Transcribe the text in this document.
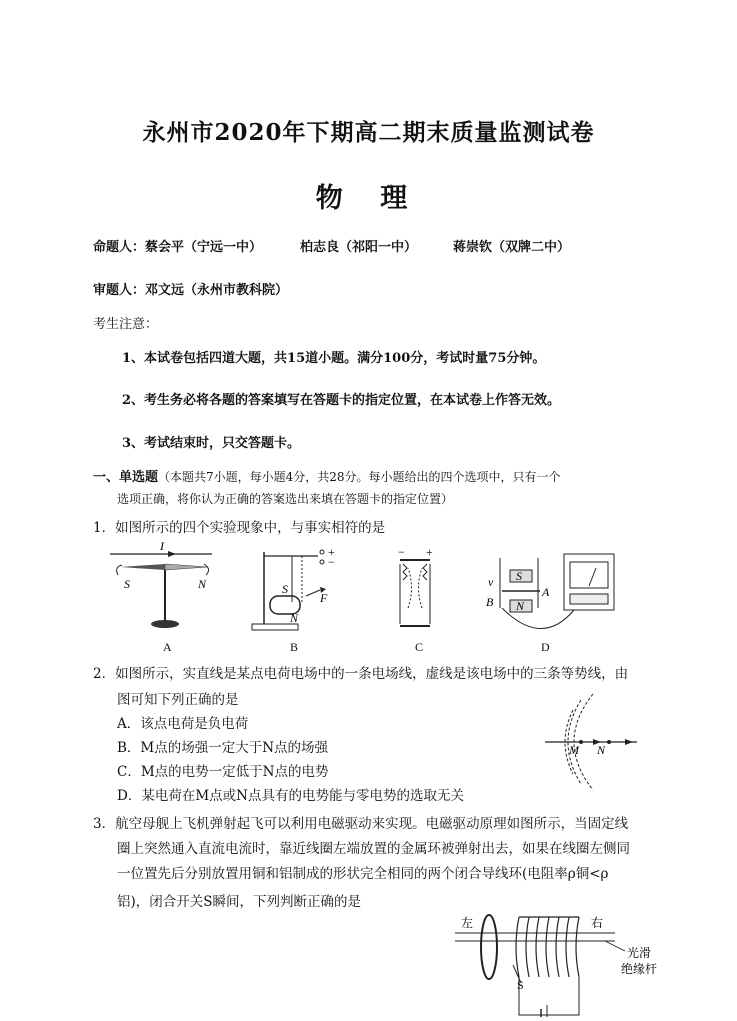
永州市2020年下期高二期末质量监测试卷
物 理
命题人：蔡会平（宁远一中）	柏志良（祁阳一中）	蒋崇钦（双牌二中）
审题人：邓文远（永州市教科院）
考生注意：
1、本试卷包括四道大题，共15道小题。满分100分，考试时量75分钟。
2、考生务必将各题的答案填写在答题卡的指定位置，在本试卷上作答无效。
3、考试结束时，只交答题卡。
一、单选题（本题共7小题，每小题4分，共28分。每小题给出的四个选项中，只有一个
选项正确，将你认为正确的答案选出来填在答题卡的指定位置）
1．如图所示的四个实验现象中，与事实相符的是
I
S	N
A
+
−
S
N
F
B
− +
C
S
N
v
B
A
D
2．如图所示，实直线是某点电荷电场中的一条电场线，虚线是该电场中的三条等势线，由
图可知下列正确的是
A．该点电荷是负电荷
B．M点的场强一定大于N点的场强
C．M点的电势一定低于N点的电势
D．某电荷在M点或N点具有的电势能与零电势的选取无关
M N
3．航空母舰上飞机弹射起飞可以利用电磁驱动来实现。电磁驱动原理如图所示，当固定线
圈上突然通入直流电流时，靠近线圈左端放置的金属环被弹射出去，如果在线圈左侧同
一位置先后分别放置用铜和铝制成的形状完全相同的两个闭合导线环(电阻率ρ铜<ρ
铝)，闭合开关S瞬间，下列判断正确的是
左	右
光滑
绝缘杆
S
